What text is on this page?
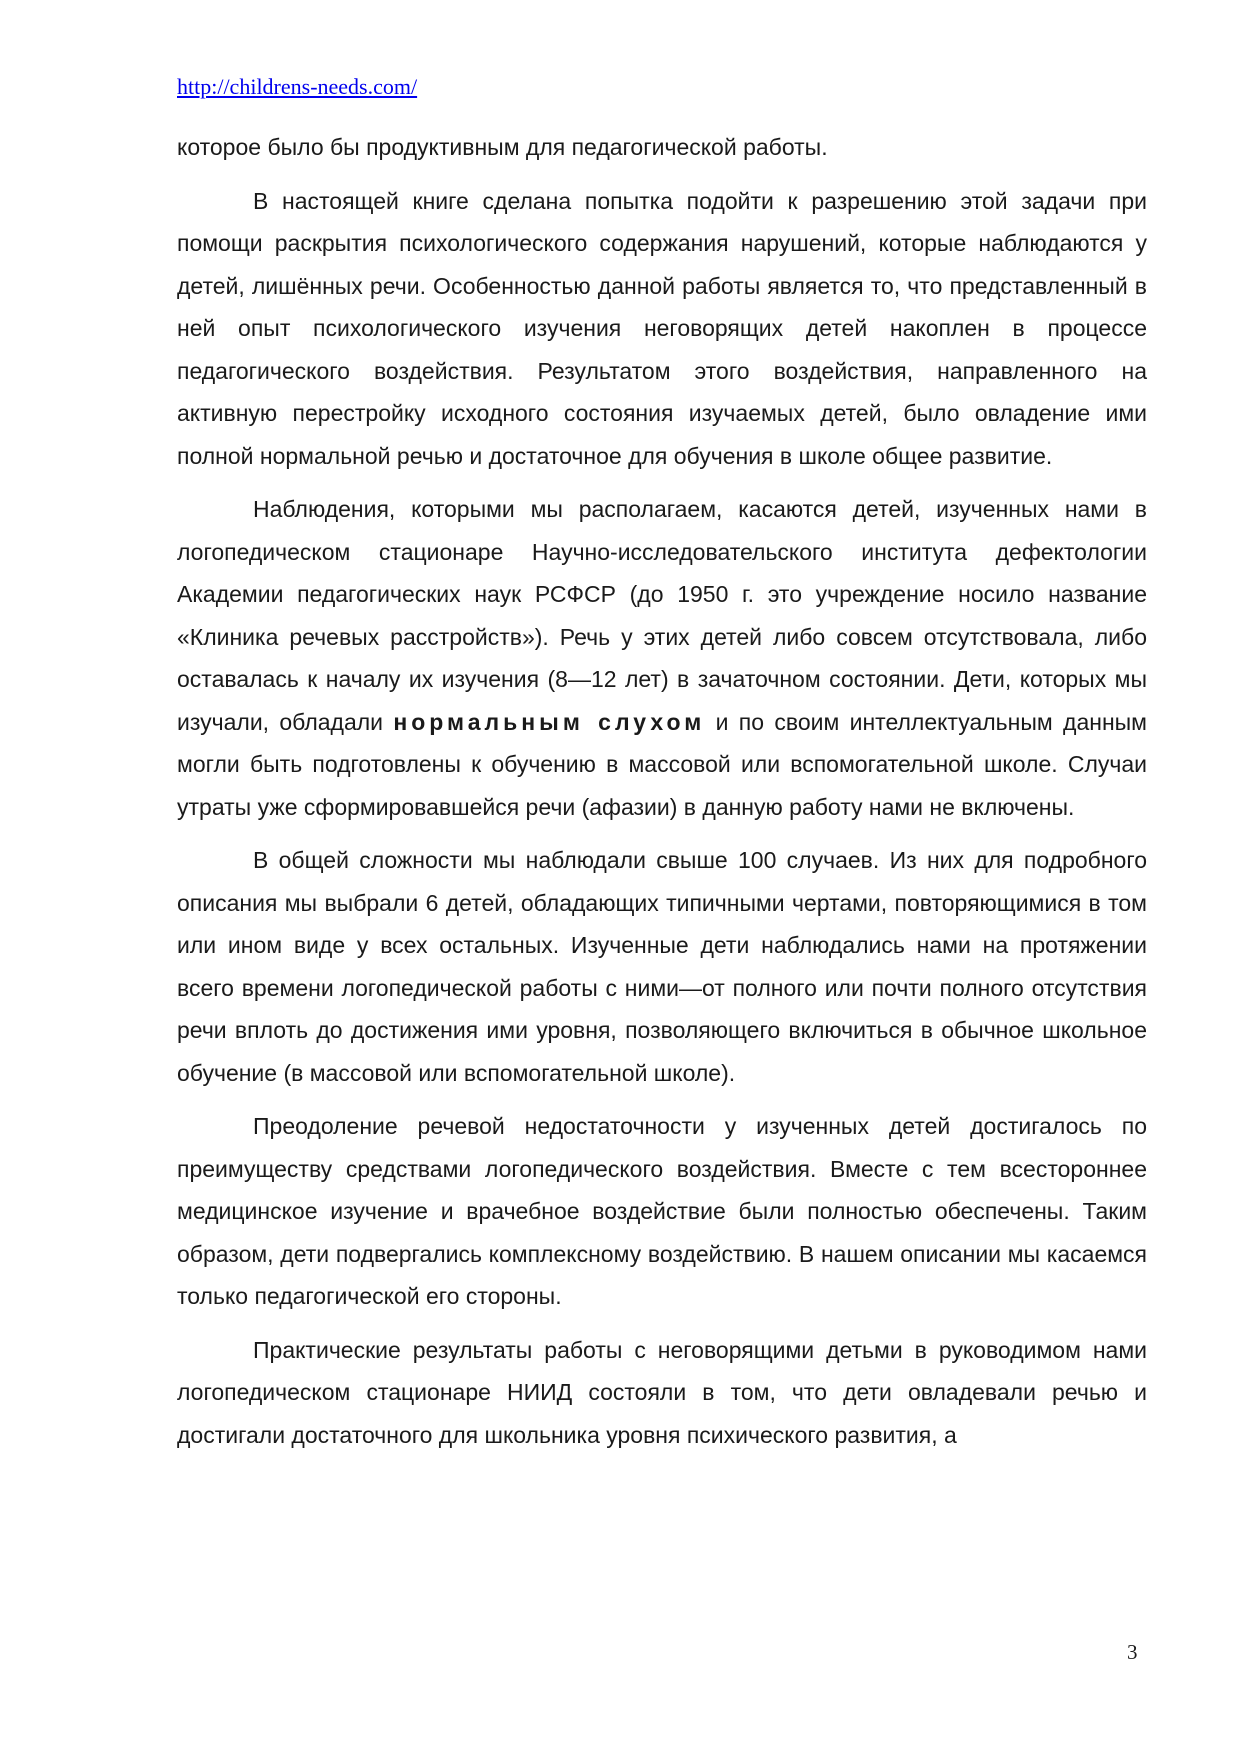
http://childrens-needs.com/

которое было бы продуктивным для педагогической работы.

В настоящей книге сделана попытка подойти к разрешению этой задачи при помощи раскрытия психологического содержания нарушений, которые наблюдаются у детей, лишённых речи. Особенностью данной работы является то, что представленный в ней опыт психологического изучения неговорящих детей накоплен в процессе педагогического воздействия. Результатом этого воздействия, направленного на активную перестройку исходного состояния изучаемых детей, было овладение ими полной нормальной речью и достаточное для обучения в школе общее развитие.

Наблюдения, которыми мы располагаем, касаются детей, изученных нами в логопедическом стационаре Научно-исследовательского института дефектологии Академии педагогических наук РСФСР (до 1950 г. это учреждение носило название «Клиника речевых расстройств»). Речь у этих детей либо совсем отсутствовала, либо оставалась к началу их изучения (8—12 лет) в зачаточном состоянии. Дети, которых мы изучали, обладали нормальным слухом и по своим интеллектуальным данным могли быть подготовлены к обучению в массовой или вспомогательной школе. Случаи утраты уже сформировавшейся речи (афазии) в данную работу нами не включены.

В общей сложности мы наблюдали свыше 100 случаев. Из них для подробного описания мы выбрали 6 детей, обладающих типичными чертами, повторяющимися в том или ином виде у всех остальных. Изученные дети наблюдались нами на протяжении всего времени логопедической работы с ними—от полного или почти полного отсутствия речи вплоть до достижения ими уровня, позволяющего включиться в обычное школьное обучение (в массовой или вспомогательной школе).

Преодоление речевой недостаточности у изученных детей достигалось по преимуществу средствами логопедического воздействия. Вместе с тем всестороннее медицинское изучение и врачебное воздействие были полностью обеспечены. Таким образом, дети подвергались комплексному воздействию. В нашем описании мы касаемся только педагогической его стороны.

Практические результаты работы с неговорящими детьми в руководимом нами логопедическом стационаре НИИД состояли в том, что дети овладевали речью и достигали достаточного для школьника уровня психического развития, а

3
